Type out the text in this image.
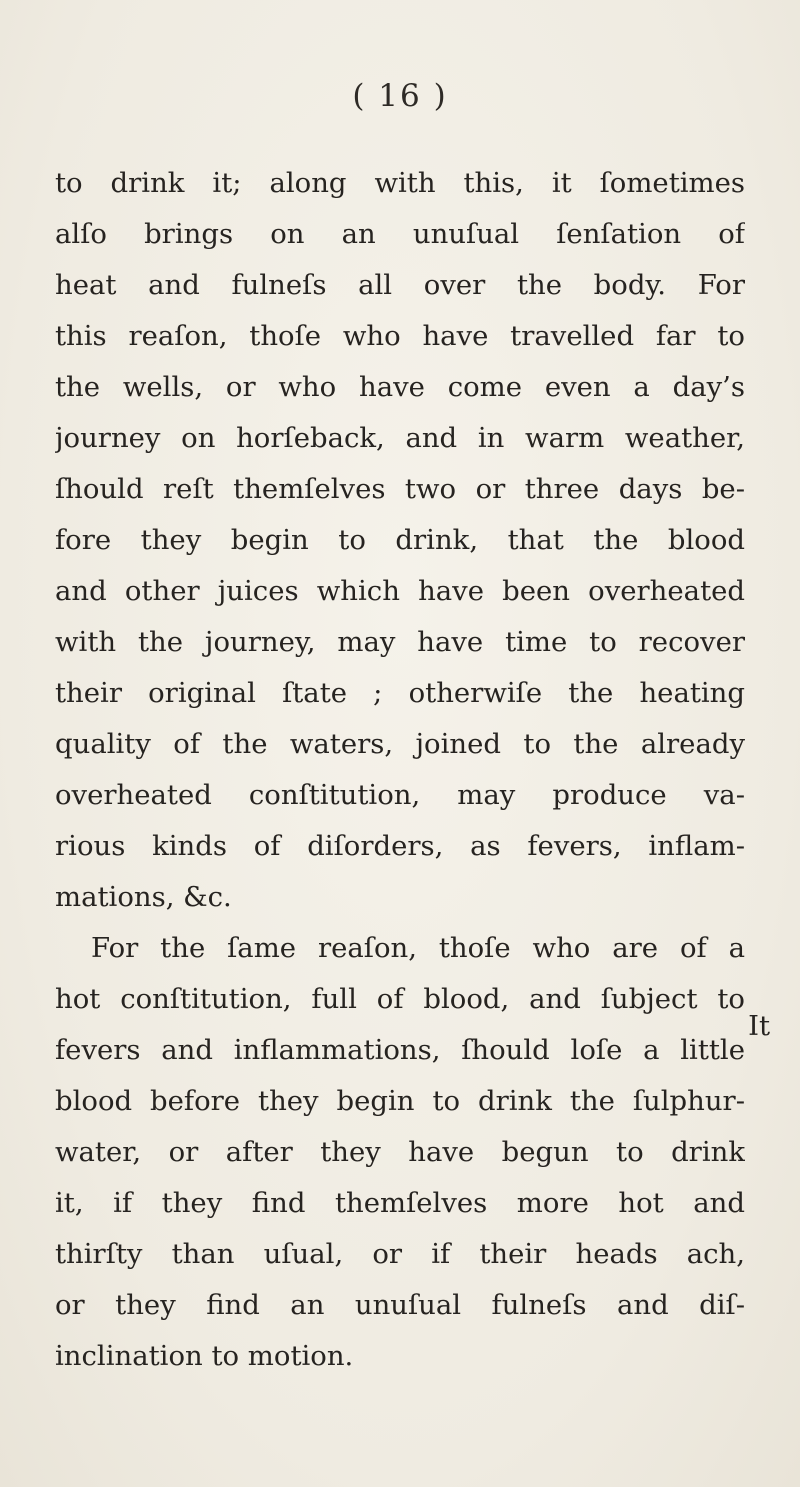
( 16 )
to drink it; along with this, it ſometimes
alſo brings on an unuſual ſenſation of
heat and fulneſs all over the body. For
this reaſon, thoſe who have travelled far to
the wells, or who have come even a day’s
journey on horſeback, and in warm weather,
ſhould reſt themſelves two or three days be-
fore they begin to drink, that the blood
and other juices which have been overheated
with the journey, may have time to recover
their original ſtate ; otherwiſe the heating
quality of the waters, joined to the already
overheated conſtitution, may produce va-
rious kinds of diſorders, as fevers, inflam-
mations, &c.
For the ſame reaſon, thoſe who are of a
hot conſtitution, full of blood, and ſubject to
fevers and inflammations, ſhould loſe a little
blood before they begin to drink the ſulphur-
water, or after they have begun to drink
it, if they find themſelves more hot and
thirſty than uſual, or if their heads ach,
or they find an unuſual fulneſs and diſ-
inclination to motion.
It
